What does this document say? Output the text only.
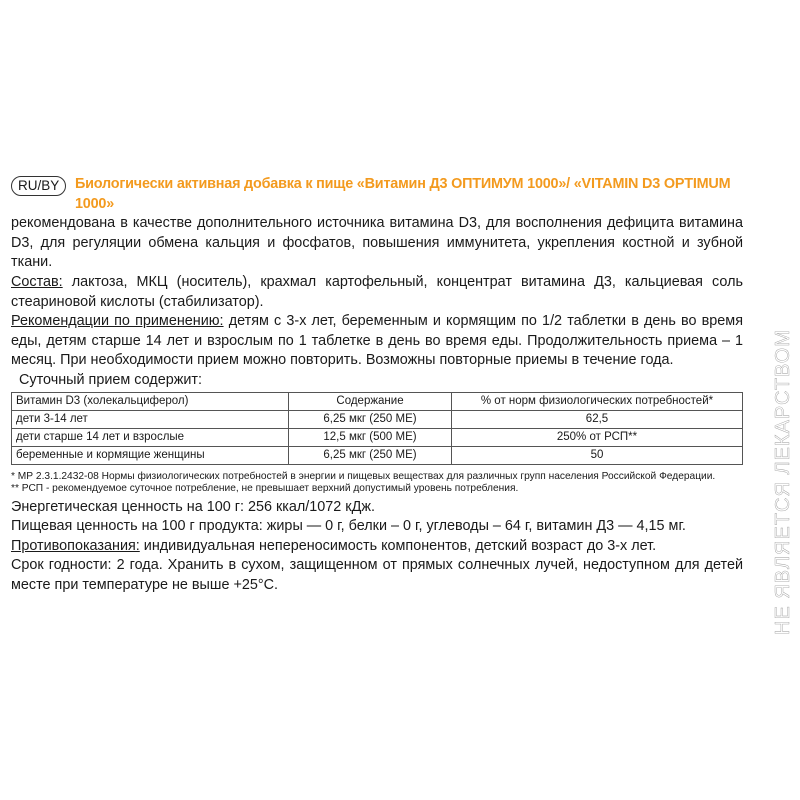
RU/BY	Биологически активная добавка к пище «Витамин Д3 ОПТИМУМ 1000»/ «VITAMIN D3 OPTIMUM 1000»

рекомендована в качестве дополнительного источника витамина D3, для восполнения дефицита витамина D3, для регуляции обмена кальция и фосфатов, повышения иммунитета, укрепления костной и зубной ткани.

Состав: лактоза, МКЦ (носитель), крахмал картофельный, концентрат витамина Д3, кальциевая соль стеариновой кислоты (стабилизатор).

Рекомендации по применению: детям с 3-х лет, беременным и кормящим по 1/2 таблетки в день во время еды, детям старше 14 лет и взрослым по 1 таблетке в день во время еды. Продолжительность приема – 1 месяц. При необходимости прием можно повторить. Возможны повторные приемы в течение года.

Суточный прием содержит:

Витамин D3 (холекальциферол)	Содержание	% от норм физиологических потребностей*
дети 3-14 лет	6,25 мкг (250 МЕ)	62,5
дети старше 14 лет и взрослые	12,5 мкг (500 МЕ)	250% от РСП**
беременные и кормящие женщины	6,25 мкг (250 МЕ)	50
* МР 2.3.1.2432-08 Нормы физиологических потребностей в энергии и пищевых веществах для различных групп населения Российской Федерации.
** РСП - рекомендуемое суточное потребление, не превышает верхний допустимый уровень потребления.

Энергетическая ценность на 100 г: 256 ккал/1072 кДж.

Пищевая ценность на 100 г продукта: жиры — 0 г, белки – 0 г, углеводы – 64 г, витамин Д3 — 4,15 мг.

Противопоказания: индивидуальная непереносимость компонентов, детский возраст до 3-х лет.

Срок годности: 2 года. Хранить в сухом, защищенном от прямых солнечных лучей, недоступном для детей месте при температуре не выше +25°С.	НЕ ЯВЛЯЕТСЯ ЛЕКАРСТВОМ
